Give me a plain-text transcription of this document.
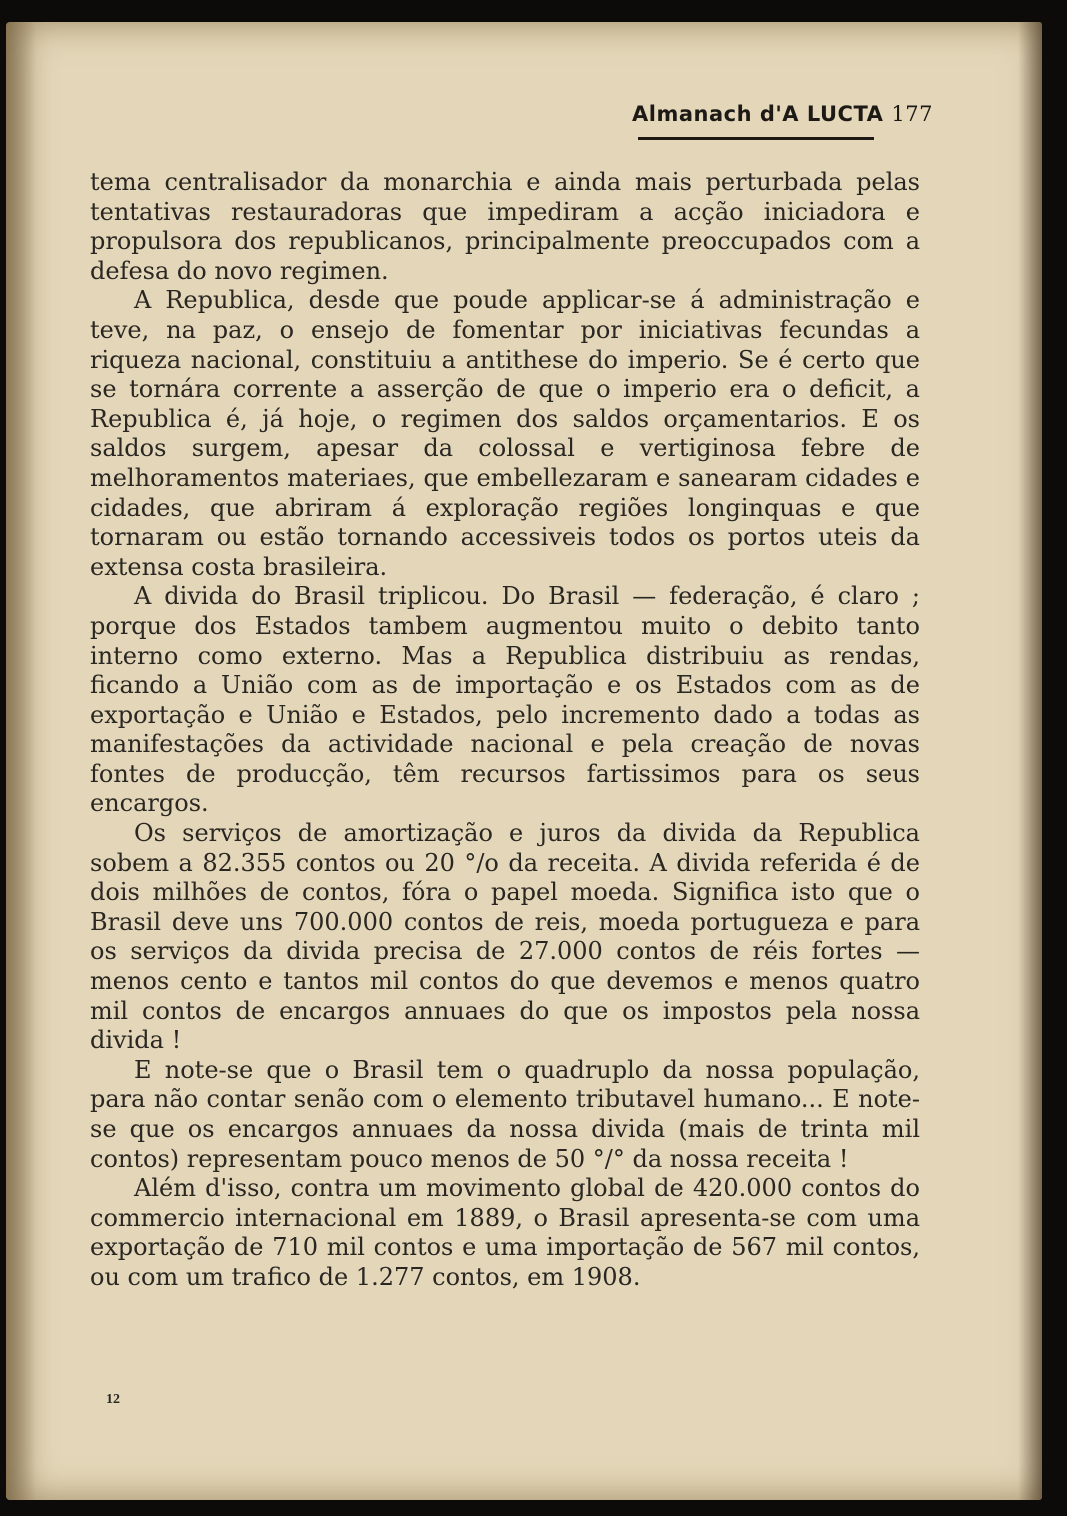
Almanach d'A LUCTA 177

tema centralisador da monarchia e ainda mais perturbada pelas tentativas restauradoras que impediram a acção iniciadora e propulsora dos republicanos, principalmente preoccupados com a defesa do novo regimen.

A Republica, desde que poude applicar-se á administração e teve, na paz, o ensejo de fomentar por iniciativas fecundas a riqueza nacional, constituiu a antithese do imperio. Se é certo que se tornára corrente a asserção de que o imperio era o deficit, a Republica é, já hoje, o regimen dos saldos orçamentarios. E os saldos surgem, apesar da colossal e vertiginosa febre de melhoramentos materiaes, que embellezaram e sanearam cidades e cidades, que abriram á exploração regiões longinquas e que tornaram ou estão tornando accessiveis todos os portos uteis da extensa costa brasileira.

A divida do Brasil triplicou. Do Brasil — federação, é claro ; porque dos Estados tambem augmentou muito o debito tanto interno como externo. Mas a Republica distribuiu as rendas, ficando a União com as de importação e os Estados com as de exportação e União e Estados, pelo incremento dado a todas as manifestações da actividade nacional e pela creação de novas fontes de producção, têm recursos fartissimos para os seus encargos.

Os serviços de amortização e juros da divida da Republica sobem a 82.355 contos ou 20 °/o da receita. A divida referida é de dois milhões de contos, fóra o papel moeda. Significa isto que o Brasil deve uns 700.000 contos de reis, moeda portugueza e para os serviços da divida precisa de 27.000 contos de réis fortes — menos cento e tantos mil contos do que devemos e menos quatro mil contos de encargos annuaes do que os impostos pela nossa divida !

E note-se que o Brasil tem o quadruplo da nossa população, para não contar senão com o elemento tributavel humano... E note-se que os encargos annuaes da nossa divida (mais de trinta mil contos) representam pouco menos de 50 °/° da nossa receita !

Além d'isso, contra um movimento global de 420.000 contos do commercio internacional em 1889, o Brasil apresenta-se com uma exportação de 710 mil contos e uma importação de 567 mil contos, ou com um trafico de 1.277 contos, em 1908.

12
